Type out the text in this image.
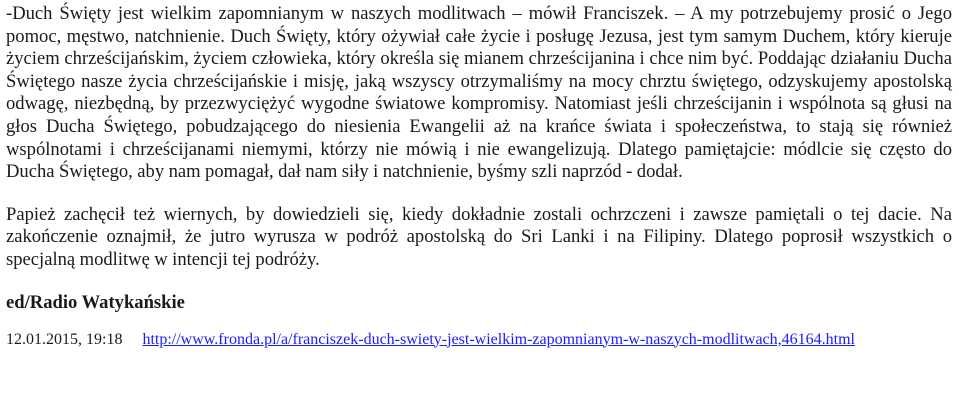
-Duch Święty jest wielkim zapomnianym w naszych modlitwach – mówił Franciszek. – A my potrzebujemy prosić o Jego pomoc, męstwo, natchnienie. Duch Święty, który ożywiał całe życie i posługę Jezusa, jest tym samym Duchem, który kieruje życiem chrześcijańskim, życiem człowieka, który określa się mianem chrześcijanina i chce nim być. Poddając działaniu Ducha Świętego nasze życia chrześcijańskie i misję, jaką wszyscy otrzymaliśmy na mocy chrztu świętego, odzyskujemy apostolską odwagę, niezbędną, by przezwyciężyć wygodne światowe kompromisy. Natomiast jeśli chrześcijanin i wspólnota są głusi na głos Ducha Świętego, pobudzającego do niesienia Ewangelii aż na krańce świata i społeczeństwa, to stają się również wspólnotami i chrześcijanami niemymi, którzy nie mówią i nie ewangelizują. Dlatego pamiętajcie: módlcie się często do Ducha Świętego, aby nam pomagał, dał nam siły i natchnienie, byśmy szli naprzód - dodał.

Papież zachęcił też wiernych, by dowiedzieli się, kiedy dokładnie zostali ochrzczeni i zawsze pamiętali o tej dacie. Na zakończenie oznajmił, że jutro wyrusza w podróż apostolską do Sri Lanki i na Filipiny. Dlatego poprosił wszystkich o specjalną modlitwę w intencji tej podróży.

ed/Radio Watykańskie

12.01.2015, 19:18 http://www.fronda.pl/a/franciszek-duch-swiety-jest-wielkim-zapomnianym-w-naszych-modlitwach,46164.html
